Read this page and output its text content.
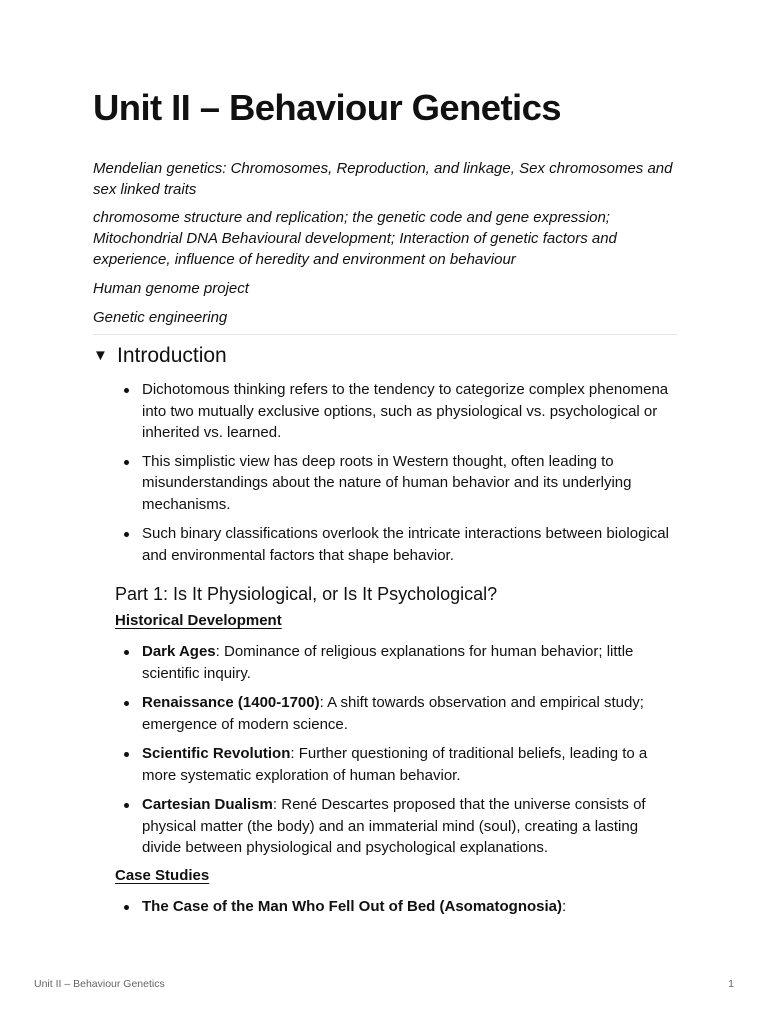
Unit II – Behaviour Genetics

Mendelian genetics: Chromosomes, Reproduction, and linkage, Sex chromosomes and sex linked traits

chromosome structure and replication; the genetic code and gene expression; Mitochondrial DNA Behavioural development; Interaction of genetic factors and experience, influence of heredity and environment on behaviour

Human genome project

Genetic engineering

▼ Introduction
Dichotomous thinking refers to the tendency to categorize complex phenomena into two mutually exclusive options, such as physiological vs. psychological or inherited vs. learned.
This simplistic view has deep roots in Western thought, often leading to misunderstandings about the nature of human behavior and its underlying mechanisms.
Such binary classifications overlook the intricate interactions between biological and environmental factors that shape behavior.
Part 1: Is It Physiological, or Is It Psychological?
Historical Development
Dark Ages: Dominance of religious explanations for human behavior; little scientific inquiry.
Renaissance (1400-1700): A shift towards observation and empirical study; emergence of modern science.
Scientific Revolution: Further questioning of traditional beliefs, leading to a more systematic exploration of human behavior.
Cartesian Dualism: René Descartes proposed that the universe consists of physical matter (the body) and an immaterial mind (soul), creating a lasting divide between physiological and psychological explanations.
Case Studies
The Case of the Man Who Fell Out of Bed (Asomatognosia):
Unit II – Behaviour Genetics	1
